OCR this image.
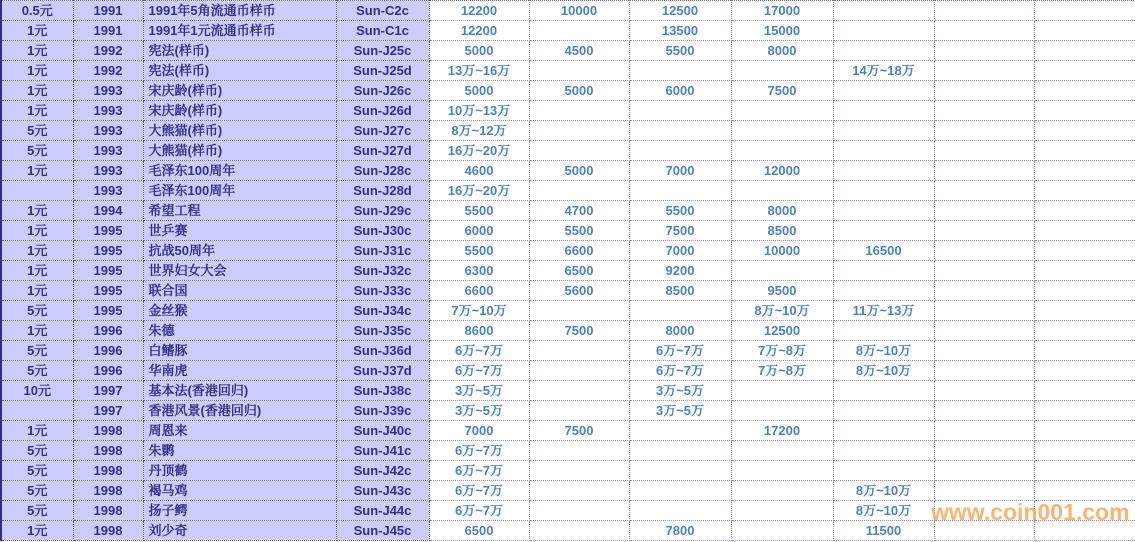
0.5元	1991	1991年5角流通币样币	Sun-C2c	12200	10000	12500	17000			
1元	1991	1991年1元流通币样币	Sun-C1c	12200		13500	15000			
1元	1992	宪法(样币)	Sun-J25c	5000	4500	5500	8000			
1元	1992	宪法(样币)	Sun-J25d	13万~16万				14万~18万		
1元	1993	宋庆龄(样币)	Sun-J26c	5000	5000	6000	7500			
1元	1993	宋庆龄(样币)	Sun-J26d	10万~13万						
5元	1993	大熊猫(样币)	Sun-J27c	8万~12万						
5元	1993	大熊猫(样币)	Sun-J27d	16万~20万						
1元	1993	毛泽东100周年	Sun-J28c	4600	5000	7000	12000			
	1993	毛泽东100周年	Sun-J28d	16万~20万						
1元	1994	希望工程	Sun-J29c	5500	4700	5500	8000			
1元	1995	世乒赛	Sun-J30c	6000	5500	7500	8500			
1元	1995	抗战50周年	Sun-J31c	5500	6600	7000	10000	16500		
1元	1995	世界妇女大会	Sun-J32c	6300	6500	9200				
1元	1995	联合国	Sun-J33c	6600	5600	8500	9500			
5元	1995	金丝猴	Sun-J34c	7万~10万			8万~10万	11万~13万		
1元	1996	朱德	Sun-J35c	8600	7500	8000	12500			
5元	1996	白鳍豚	Sun-J36d	6万~7万		6万~7万	7万~8万	8万~10万		
5元	1996	华南虎	Sun-J37d	6万~7万		6万~7万	7万~8万	8万~10万		
10元	1997	基本法(香港回归)	Sun-J38c	3万~5万		3万~5万				
	1997	香港风景(香港回归)	Sun-J39c	3万~5万		3万~5万				
1元	1998	周恩来	Sun-J40c	7000	7500		17200			
5元	1998	朱鹮	Sun-J41c	6万~7万						
5元	1998	丹顶鹤	Sun-J42c	6万~7万						
5元	1998	褐马鸡	Sun-J43c	6万~7万				8万~10万		
5元	1998	扬子鳄	Sun-J44c	6万~7万				8万~10万		
1元	1998	刘少奇	Sun-J45c	6500		7800		11500		
www.coin001.com
